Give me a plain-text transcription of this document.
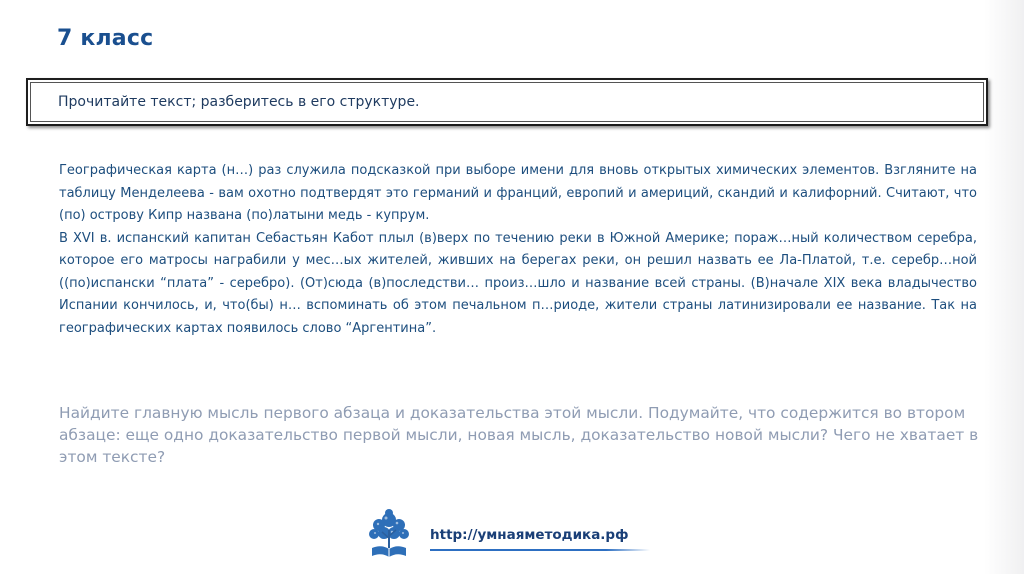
7 класс
Прочитайте текст; разберитесь в его структуре.

Географическая карта (н…) раз служила подсказкой при выборе имени для вновь открытых химических элементов. Взгляните на таблицу Менделеева - вам охотно подтвердят это германий и франций, европий и америций, скандий и калифорний. Считают, что (по) острову Кипр названа (по)латыни медь - купрум.

В XVI в. испанский капитан Себастьян Кабот плыл (в)верх по течению реки в Южной Америке; пораж…ный количеством серебра, которое его матросы награбили у мес…ых жителей, живших на берегах реки, он решил назвать ее Ла-Платой, т.е. серебр…ной ((по)испански “плата” - серебро). (От)сюда (в)последстви… произ…шло и название всей страны. (В)начале XIX века владычество Испании кончилось, и, что(бы) н… вспоминать об этом печальном п…риоде, жители страны латинизировали ее название. Так на географических картах появилось слово “Аргентина”.

Найдите главную мысль первого абзаца и доказательства этой мысли. Подумайте, что содержится во втором абзаце: еще одно доказательство первой мысли, новая мысль, доказательство новой мысли? Чего не хватает в этом тексте?
http://умнаяметодика.рф
